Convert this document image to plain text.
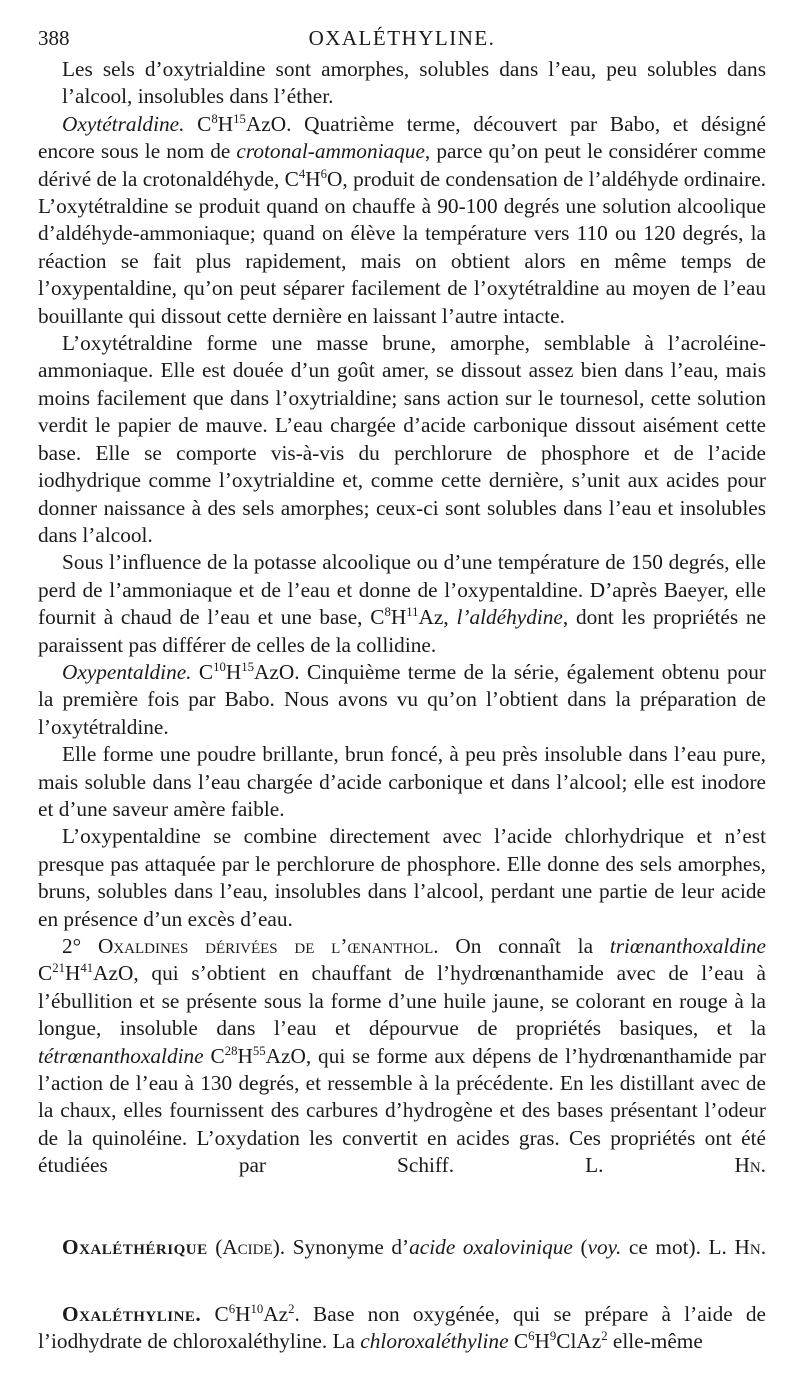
388	OXALÉTHYLINE.

Les sels d’oxytrialdine sont amorphes, solubles dans l’eau, peu solubles dans l’alcool, insolubles dans l’éther.

Oxytétraldine. $C^8H^{15}AzO$. Quatrième terme, découvert par Babo, et désigné encore sous le nom de crotonal-ammoniaque, parce qu’on peut le considérer comme dérivé de la crotonaldéhyde, $C^4H^6O$, produit de condensation de l’aldéhyde ordinaire. L’oxytétraldine se produit quand on chauffe à 90-100 degrés une solution alcoolique d’aldéhyde-ammoniaque; quand on élève la température vers 110 ou 120 degrés, la réaction se fait plus rapidement, mais on obtient alors en même temps de l’oxypentaldine, qu’on peut séparer facilement de l’oxytétraldine au moyen de l’eau bouillante qui dissout cette dernière en laissant l’autre intacte.

L’oxytétraldine forme une masse brune, amorphe, semblable à l’acroléine-ammoniaque. Elle est douée d’un goût amer, se dissout assez bien dans l’eau, mais moins facilement que dans l’oxytrialdine; sans action sur le tournesol, cette solution verdit le papier de mauve. L’eau chargée d’acide carbonique dissout aisément cette base. Elle se comporte vis-à-vis du perchlorure de phosphore et de l’acide iodhydrique comme l’oxytrialdine et, comme cette dernière, s’unit aux acides pour donner naissance à des sels amorphes; ceux-ci sont solubles dans l’eau et insolubles dans l’alcool.

Sous l’influence de la potasse alcoolique ou d’une température de 150 degrés, elle perd de l’ammoniaque et de l’eau et donne de l’oxypentaldine. D’après Baeyer, elle fournit à chaud de l’eau et une base, $C^8H^{11}Az$, l’aldéhydine, dont les propriétés ne paraissent pas différer de celles de la collidine.

Oxypentaldine. $C^{10}H^{15}AzO$. Cinquième terme de la série, également obtenu pour la première fois par Babo. Nous avons vu qu’on l’obtient dans la préparation de l’oxytétraldine.

Elle forme une poudre brillante, brun foncé, à peu près insoluble dans l’eau pure, mais soluble dans l’eau chargée d’acide carbonique et dans l’alcool; elle est inodore et d’une saveur amère faible.

L’oxypentaldine se combine directement avec l’acide chlorhydrique et n’est presque pas attaquée par le perchlorure de phosphore. Elle donne des sels amorphes, bruns, solubles dans l’eau, insolubles dans l’alcool, perdant une partie de leur acide en présence d’un excès d’eau.

2° Oxaldines dérivées de l’œnanthol. On connaît la triœnanthoxaldine $C^{21}H^{41}AzO$, qui s’obtient en chauffant de l’hydrœnanthamide avec de l’eau à l’ébullition et se présente sous la forme d’une huile jaune, se colorant en rouge à la longue, insoluble dans l’eau et dépourvue de propriétés basiques, et la tétrœnanthoxaldine $C^{28}H^{55}AzO$, qui se forme aux dépens de l’hydrœnanthamide par l’action de l’eau à 130 degrés, et ressemble à la précédente. En les distillant avec de la chaux, elles fournissent des carbures d’hydrogène et des bases présentant l’odeur de la quinoléine. L’oxydation les convertit en acides gras. Ces propriétés ont été étudiées par Schiff.	L. Hn.

Oxaléthérique (Acide). Synonyme d’acide oxalovinique (voy. ce mot). L. Hn.

Oxaléthyline. $C^6H^{10}Az^2$. Base non oxygénée, qui se prépare à l’aide de l’iodhydrate de chloroxaléthyline. La chloroxaléthyline $C^6H^9ClAz^2$ elle-même
